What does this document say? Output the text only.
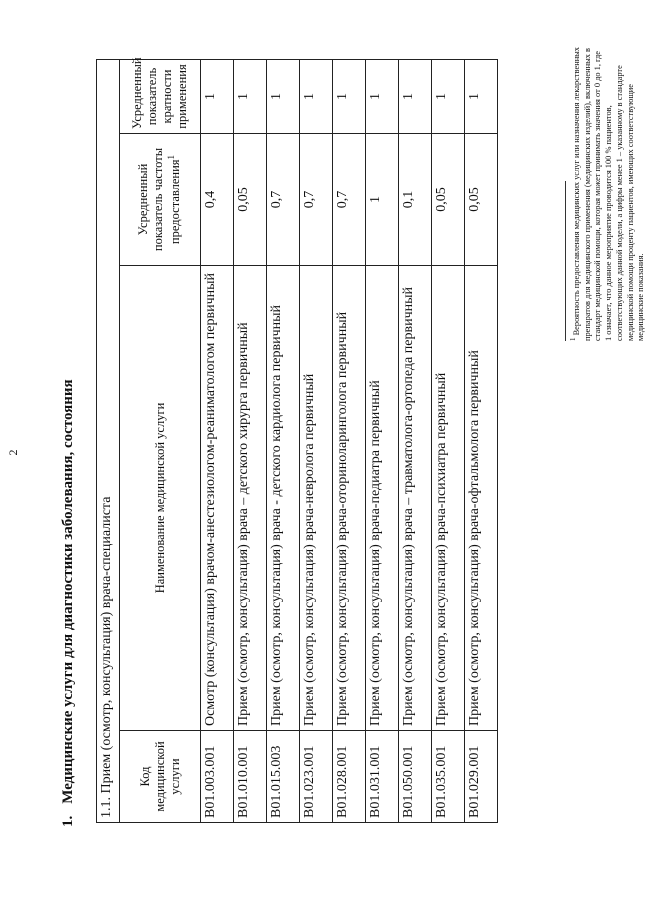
2
1.Медицинские услуги для диагностики заболевания, состояния 1.1. Прием (осмотр, консультация) врача-специалиста			
Код медицинской услуги	Наименование медицинской услуги	Усредненный показатель частоты предоставления$^1$	Усредненный показатель кратности применения
B01.003.001	Осмотр (консультация) врачом-анестезиологом-реаниматологом первичный	0,4	1
B01.010.001	Прием (осмотр, консультация) врача – детского хирурга первичный	0,05	1
B01.015.003	Прием (осмотр, консультация) врача - детского кардиолога первичный	0,7	1
B01.023.001	Прием (осмотр, консультация) врача-невролога первичный	0,7	1
B01.028.001	Прием (осмотр, консультация) врача-оториноларинголога первичный	0,7	1
B01.031.001	Прием (осмотр, консультация) врача-педиатра первичный	1	1
B01.050.001	Прием (осмотр, консультация) врача – травматолога-ортопеда первичный	0,1	1
B01.035.001	Прием (осмотр, консультация) врача-психиатра первичный	0,05	1
B01.029.001	Прием (осмотр, консультация) врача-офтальмолога первичный	0,05	1
$^1$ Вероятность предоставления медицинских услуг или назначения лекарственных препаратов для медицинского применения (медицинских изделий), включенных в стандарт медицинской помощи, которая может принимать значения от 0 до 1, где 1 означает, что данное мероприятие проводится 100 % пациентов, соответствующих данной модели, а цифры менее 1 – указанному в стандарте медицинской помощи проценту пациентов, имеющих соответствующие медицинские показания.
